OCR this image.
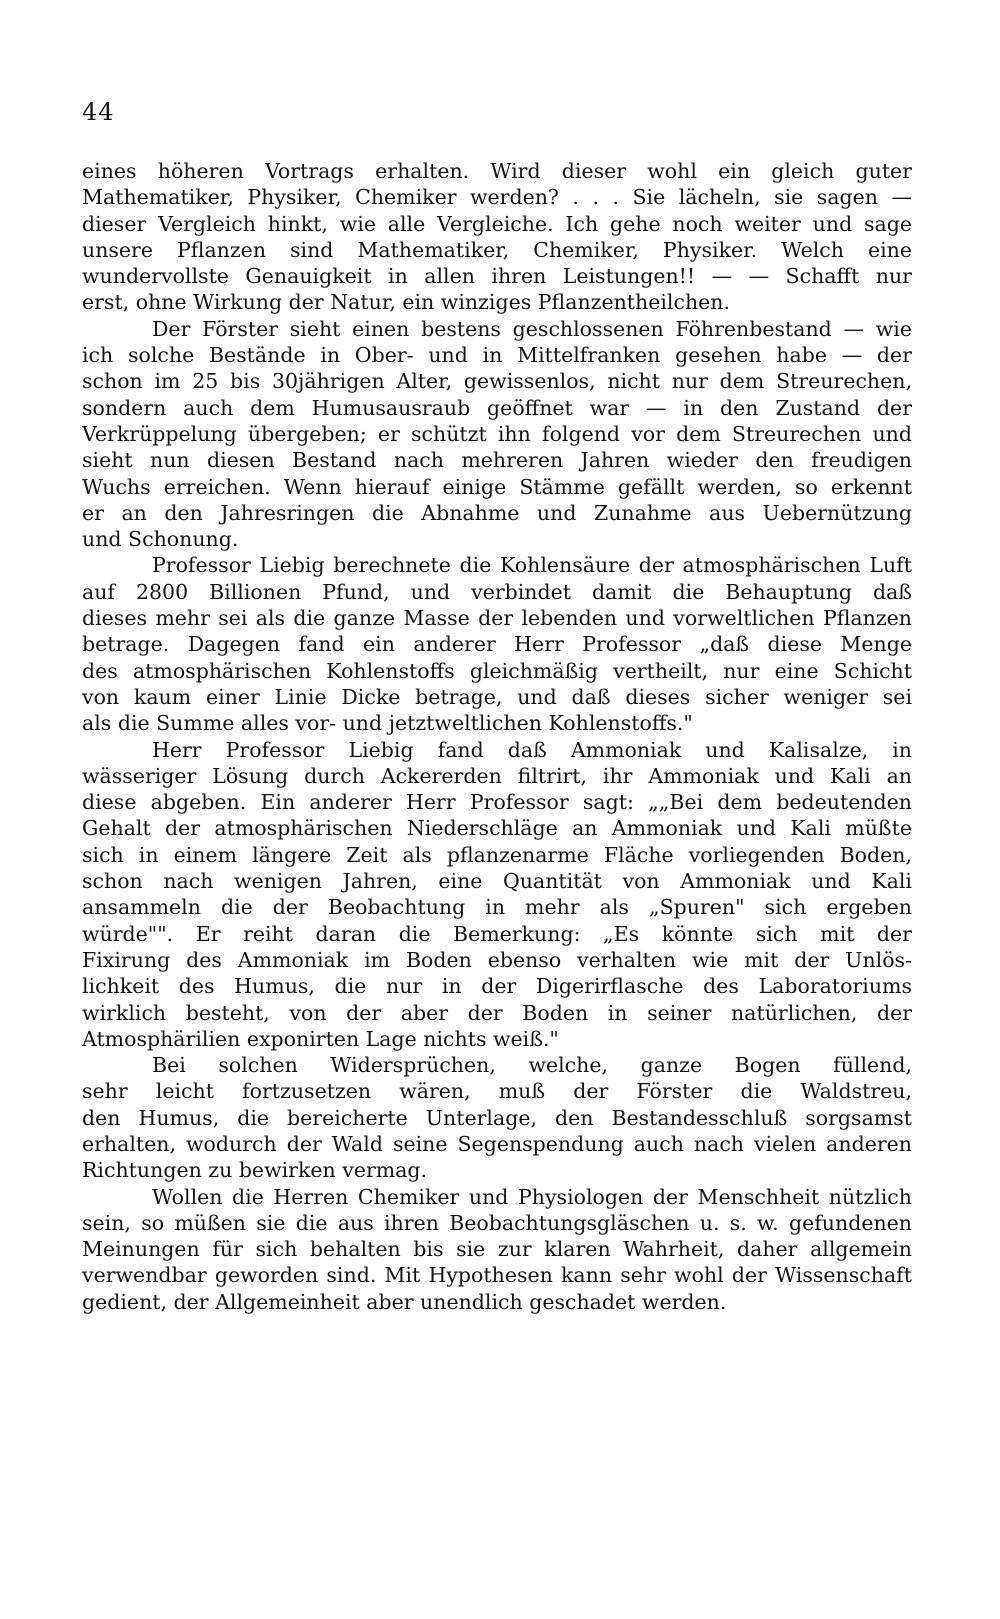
44
eines höheren Vortrags erhalten. Wird dieser wohl ein gleich guter
Mathematiker, Physiker, Chemiker werden? . . . Sie lächeln, sie sagen —
dieser Vergleich hinkt, wie alle Vergleiche. Ich gehe noch weiter und sage
unsere Pflanzen sind Mathematiker, Chemiker, Physiker. Welch eine
wundervollste Genauigkeit in allen ihren Leistungen!! — — Schafft nur
erst, ohne Wirkung der Natur, ein winziges Pflanzentheilchen.
Der Förster sieht einen bestens geschlossenen Föhrenbestand — wie
ich solche Bestände in Ober- und in Mittelfranken gesehen habe — der
schon im 25 bis 30jährigen Alter, gewissenlos, nicht nur dem Streurechen,
sondern auch dem Humusausraub geöffnet war — in den Zustand der
Verkrüppelung übergeben; er schützt ihn folgend vor dem Streurechen und
sieht nun diesen Bestand nach mehreren Jahren wieder den freudigen
Wuchs erreichen. Wenn hierauf einige Stämme gefällt werden, so erkennt
er an den Jahresringen die Abnahme und Zunahme aus Uebernützung
und Schonung.
Professor Liebig berechnete die Kohlensäure der atmosphärischen Luft
auf 2800 Billionen Pfund, und verbindet damit die Behauptung daß
dieses mehr sei als die ganze Masse der lebenden und vorweltlichen Pflanzen
betrage. Dagegen fand ein anderer Herr Professor „daß diese Menge
des atmosphärischen Kohlenstoffs gleichmäßig vertheilt, nur eine Schicht
von kaum einer Linie Dicke betrage, und daß dieses sicher weniger sei
als die Summe alles vor- und jetztweltlichen Kohlenstoffs."
Herr Professor Liebig fand daß Ammoniak und Kalisalze, in
wässeriger Lösung durch Ackererden filtrirt, ihr Ammoniak und Kali an
diese abgeben. Ein anderer Herr Professor sagt: „„Bei dem bedeutenden
Gehalt der atmosphärischen Niederschläge an Ammoniak und Kali müßte
sich in einem längere Zeit als pflanzenarme Fläche vorliegenden Boden,
schon nach wenigen Jahren, eine Quantität von Ammoniak und Kali
ansammeln die der Beobachtung in mehr als „Spuren" sich ergeben
würde"". Er reiht daran die Bemerkung: „Es könnte sich mit der
Fixirung des Ammoniak im Boden ebenso verhalten wie mit der Unlös-
lichkeit des Humus, die nur in der Digerirflasche des Laboratoriums
wirklich besteht, von der aber der Boden in seiner natürlichen, der
Atmosphärilien exponirten Lage nichts weiß."
Bei solchen Widersprüchen, welche, ganze Bogen füllend,
sehr leicht fortzusetzen wären, muß der Förster die Waldstreu,
den Humus, die bereicherte Unterlage, den Bestandesschluß sorgsamst
erhalten, wodurch der Wald seine Segenspendung auch nach vielen anderen
Richtungen zu bewirken vermag.
Wollen die Herren Chemiker und Physiologen der Menschheit nützlich
sein, so müßen sie die aus ihren Beobachtungsgläschen u. s. w. gefundenen
Meinungen für sich behalten bis sie zur klaren Wahrheit, daher allgemein
verwendbar geworden sind. Mit Hypothesen kann sehr wohl der Wissenschaft
gedient, der Allgemeinheit aber unendlich geschadet werden.
